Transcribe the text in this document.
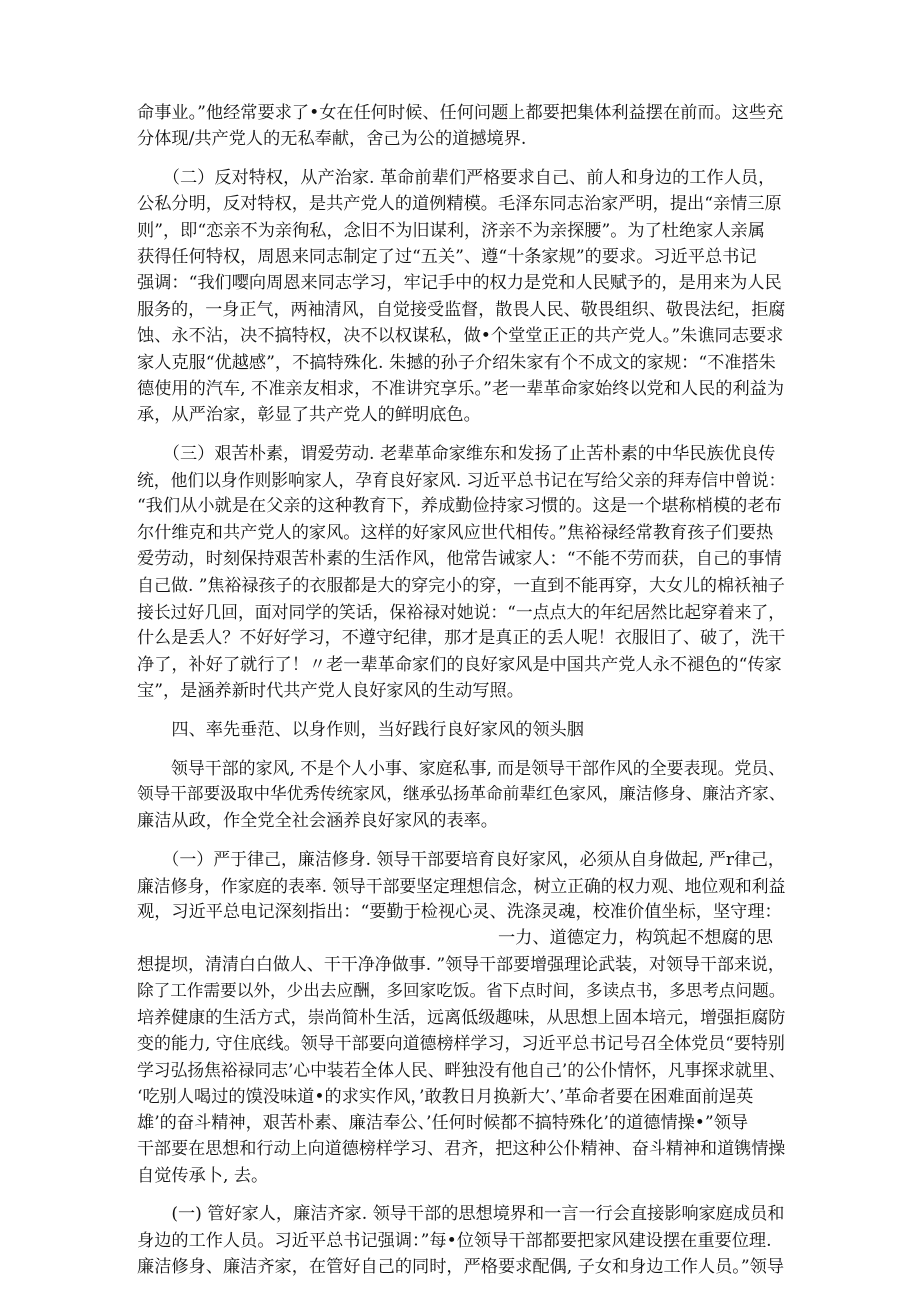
命事业。”他经常要求了•女在任何时候、任何问题上都要把集体利益摆在前而。这些充
分体现/共产党人的无私奉献，舍己为公的道撼境界.
　　（二）反对特权，从产治家. 革命前辈们严格要求自己、前人和身边的工作人员，
公私分明，反对特权，是共产党人的道例精模。毛泽东同志治家严明，提出“亲情三原
则”，即“恋亲不为亲徇私，念旧不为旧谋利，济亲不为亲探腰”。为了杜绝家人亲属
获得任何特权，周恩来同志制定了过“五关”、遵“十条家规”的要求。习近平总书记
强调：“我们嘤向周恩来同志学习，牢记手中的权力是党和人民赋予的，是用来为人民
服务的，一身正气，两袖清风，自觉接受监督，散畏人民、敬畏组织、敬畏法纪，拒腐
蚀、永不沾，决不搞特权，决不以权谋私，做•个堂堂正正的共产党人。”朱谯同志要求
家人克服“优越感”，不搞特殊化. 朱撼的孙子介绍朱家有个不成文的家规：“不准搭朱
德使用的汽车, 不准亲友相求，不准讲究享乐。”老一辈革命家始终以党和人民的利益为
承，从严治家，彰显了共产党人的鲜明底色。
　　（三）艰苦朴素，谓爱劳动. 老辈革命家维东和发扬了止苦朴素的中华民族优良传
统，他们以身作则影响家人，孕育良好家风. 习近平总书记在写给父亲的拜寿信中曾说：
“我们从小就是在父亲的这种教育下，养成勤俭持家习惯的。这是一个堪称梢模的老布
尔什维克和共产党人的家风。这样的好家风应世代相传。”焦裕禄经常教育孩子们要热
爱劳动，时刻保持艰苦朴素的生活作风，他常告诫家人：“不能不劳而获，自己的事情
自己做. ”焦裕禄孩子的衣服都是大的穿完小的穿，一直到不能再穿，大女儿的棉袄袖子
接长过好几回，面对同学的笑话，保裕禄对她说：“一点点大的年纪居然比起穿着来了，
什么是丢人？不好好学习，不遵守纪律，那才是真正的丢人呢！衣服旧了、破了，洗干
净了，补好了就行了！〃老一辈革命家们的良好家风是中国共产党人永不褪色的“传家
宝”，是涵养新时代共产党人良好家风的生动写照。
　　四、率先垂范、以身作则，当好践行良好家风的领头胭
　　领导干部的家风, 不是个人小事、家庭私事, 而是领导干部作风的全要表现。党员、
领导干部要汲取中华优秀传统家风，继承弘扬革命前辈红色家风，廉洁修身、廉沽齐家、
廉洁从政，作全党全社会涵养良好家风的表率。
　　（一）严于律己，廉洁修身. 领导干部要培育良好家风，必须从自身做起, 严r律己，
廉洁修身，作家庭的表率. 领导干部要坚定理想信念，树立正确的权力观、地位观和利益
观，习近平总电记深刻指出：“要勤于检视心灵、洗涤灵魂，校准价值坐标，坚守理：
　　　　　　　　　　　　　　　　　　　　　一力、道德定力，构筑起不想腐的思
想提坝，清清白白做人、干干净净做事. ”领导干部要增强理论武装，对领导干部来说，
除了工作需要以外，少出去应酬，多回家吃饭。省下点时间，多读点书，多思考点问题。
培养健康的生活方式，崇尚简朴生活，远离低级趣味，从思想上固本培元，增强拒腐防
变的能力, 守住底线。领导干部要向道德榜样学习，习近平总书记号召全体党员“要特别
学习弘扬焦裕禄同志’心中装若全体人民、畔独没有他自己’的公仆情怀，凡事探求就里、
‘吃别人喝过的馍没味道•的求实作风，’敢教日月换新大’、’革命者要在困难面前逞英
雄’的奋斗精神，艰苦朴素、廉洁奉公、’任何时候都不搞特殊化’的道德情操•”领导
干部要在思想和行动上向道德榜样学习、君齐，把这种公仆精神、奋斗精神和道镌情操
自觉传承卜, 去。
　　(一) 管好家人，廉洁齐家. 领导干部的思想境界和一言一行会直接影响家庭成员和
身边的工作人员。习近平总书记强调：”每•位领导干部都要把家风建设摆在重要位理.
廉洁修身、廉洁齐家，在管好自己的同时，严格要求配偶, 子女和身边工作人员。”领导
